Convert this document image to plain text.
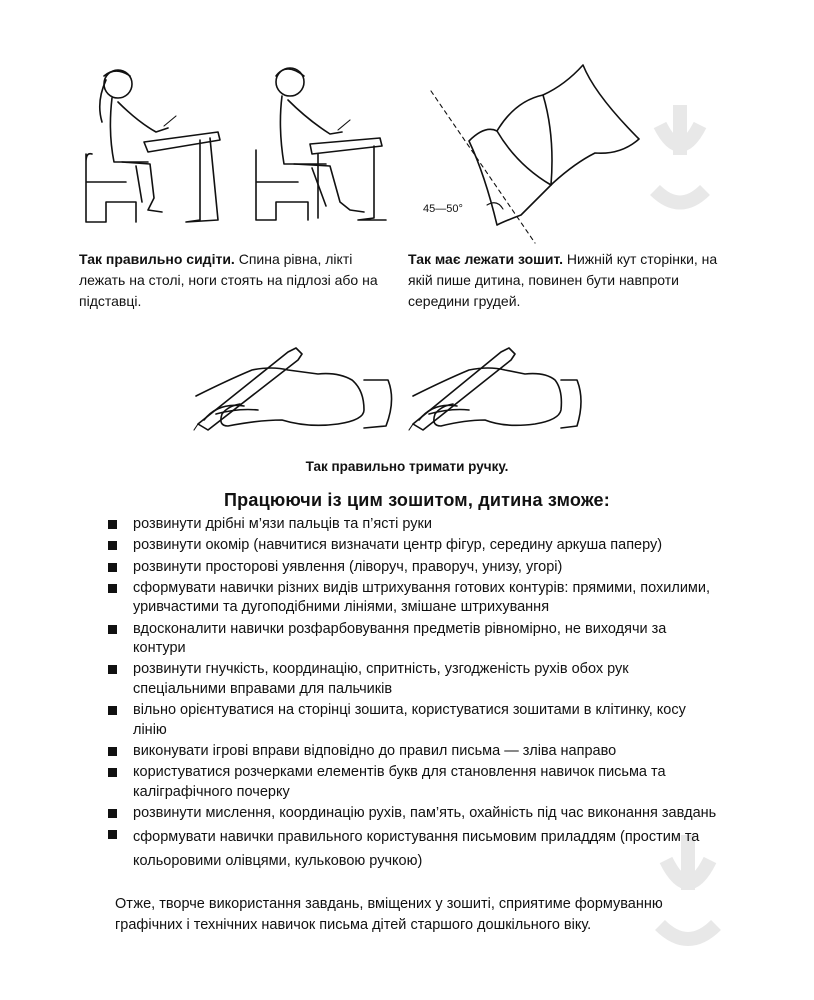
45—50°
Так правильно сидіти. Спина рівна, лікті лежать на столі, ноги стоять на підлозі або на підставці.
Так має лежати зошит. Нижній кут сторінки, на якій пише дитина, повинен бути навпроти середини грудей.
Так правильно тримати ручку.
Працюючи із цим зошитом, дитина зможе:
розвинути дрібні м’язи пальців та п’ясті руки
розвинути окомір (навчитися визначати центр фігур, середину аркуша паперу)
розвинути просторові уявлення (ліворуч, праворуч, унизу, угорі)
сформувати навички різних видів штрихування готових контурів: прямими, похилими, уривчастими та дугоподібними лініями, змішане штрихування
вдосконалити навички розфарбовування предметів рівномірно, не виходячи за контури
розвинути гнучкість, координацію, спритність, узгодженість рухів обох рук спеціальними вправами для пальчиків
вільно орієнтуватися на сторінці зошита, користуватися зошитами в клітинку, косу лінію
виконувати ігрові вправи відповідно до правил письма — зліва направо
користуватися розчерками елементів букв для становлення навичок письма та каліграфічного почерку
розвинути мислення, координацію рухів, пам’ять, охайність під час виконання завдань
сформувати навички правильного користування письмовим приладдям (простим та кольоровими олівцями, кульковою ручкою)
Отже, творче використання завдань, вміщених у зошиті, сприятиме формуванню графічних і технічних навичок письма дітей старшого дошкільного віку.
